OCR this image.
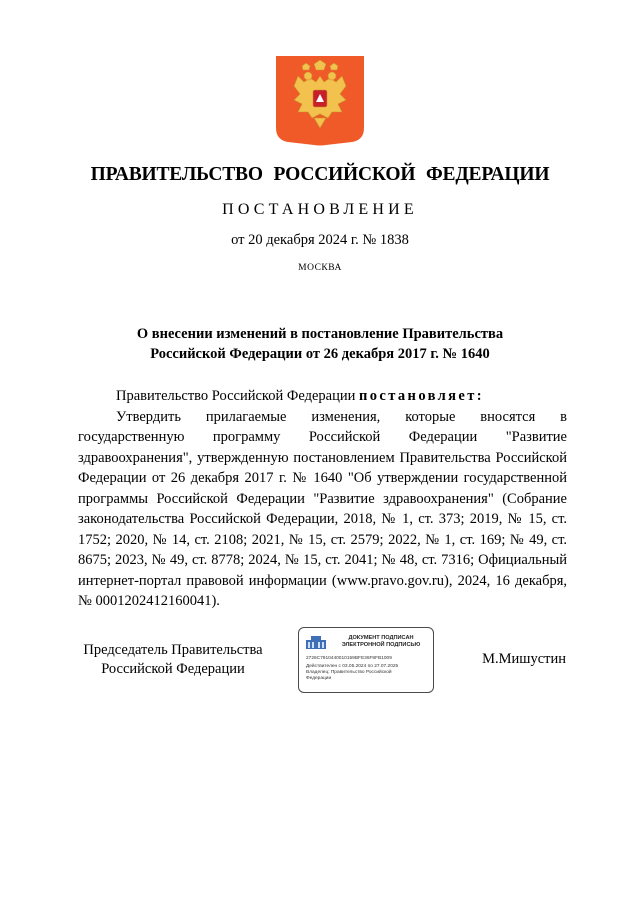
ПРАВИТЕЛЬСТВО РОССИЙСКОЙ ФЕДЕРАЦИИ
ПОСТАНОВЛЕНИЕ
от 20 декабря 2024 г. № 1838
МОСКВА
О внесении изменений в постановление Правительства
Российской Федерации от 26 декабря 2017 г. № 1640

Правительство Российской Федерации постановляет:

Утвердить прилагаемые изменения, которые вносятся в государственную программу Российской Федерации "Развитие здравоохранения", утвержденную постановлением Правительства Российской Федерации от 26 декабря 2017 г. № 1640 "Об утверждении государственной программы Российской Федерации "Развитие здравоохранения" (Собрание законодательства Российской Федерации, 2018, № 1, ст. 373; 2019, № 15, ст. 1752; 2020, № 14, ст. 2108; 2021, № 15, ст. 2579; 2022, № 1, ст. 169; № 49, ст. 8675; 2023, № 49, ст. 8778; 2024, № 15, ст. 2041; № 48, ст. 7316; Официальный интернет-портал правовой информации (www.pravo.gov.ru), 2024, 16 декабря, № 0001202412160041).

Председатель Правительства
Российской Федерации
ДОКУМЕНТ ПОДПИСАН
ЭЛЕКТРОННОЙ ПОДПИСЬЮ
2726C7910440010159BFE36F8FB1009
Действителен с 03.05.2024 по 27.07.2025
Владелец: Правительство Российской
Федерации
М.Мишустин
